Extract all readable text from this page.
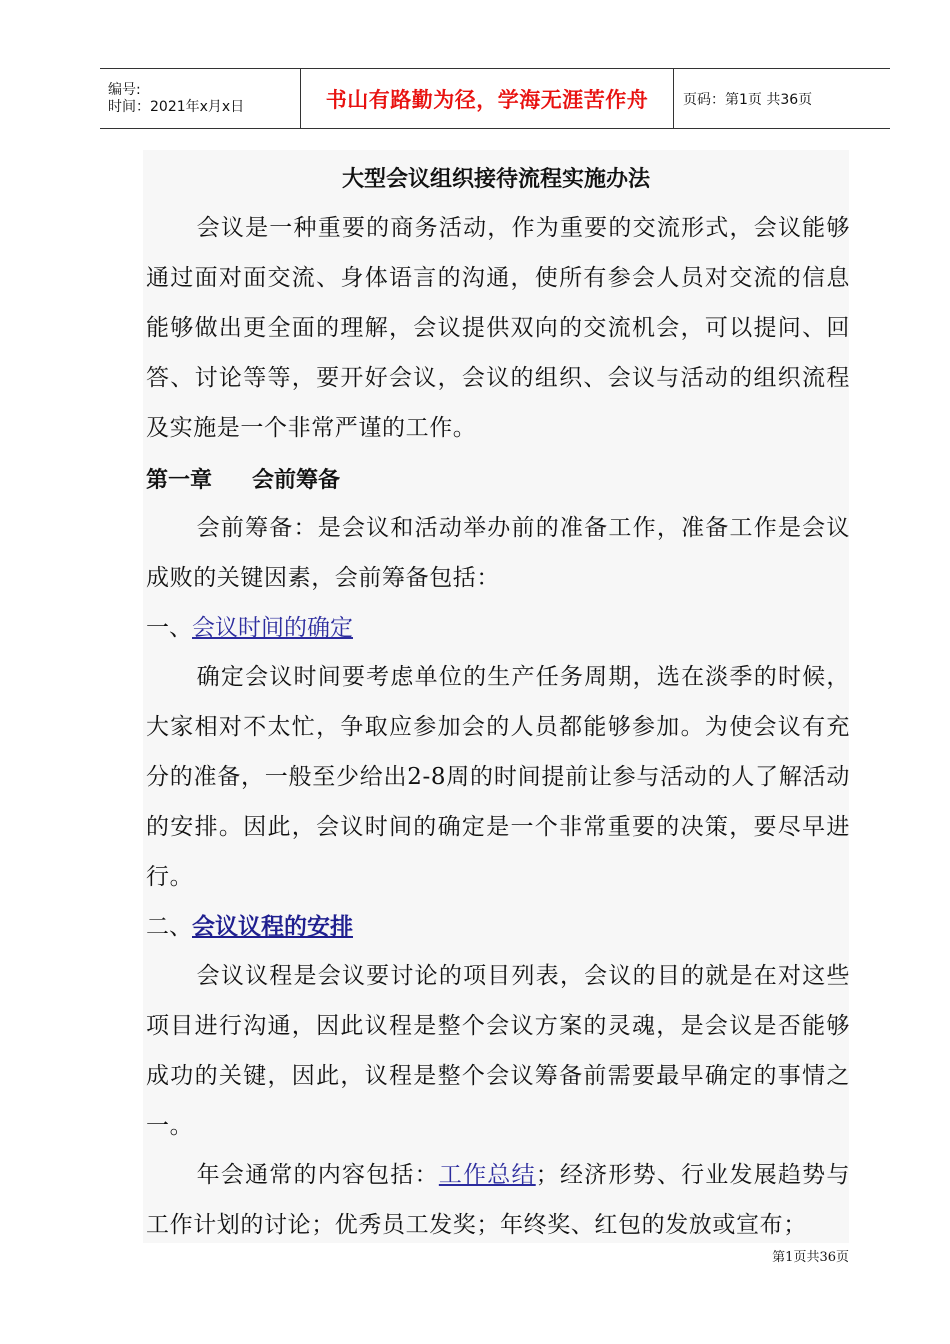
编号:
时间：2021年x月x日	书山有路勤为径，学海无涯苦作舟	页码：第1页 共36页
大型会议组织接待流程实施办法
会议是一种重要的商务活动，作为重要的交流形式，会议能够通过面对面交流、身体语言的沟通，使所有参会人员对交流的信息能够做出更全面的理解，会议提供双向的交流机会，可以提问、回答、讨论等等，要开好会议，会议的组织、会议与活动的组织流程及实施是一个非常严谨的工作。
第一章 会前筹备
会前筹备：是会议和活动举办前的准备工作，准备工作是会议成败的关键因素，会前筹备包括：
一、会议时间的确定
确定会议时间要考虑单位的生产任务周期，选在淡季的时候，大家相对不太忙，争取应参加会的人员都能够参加。为使会议有充分的准备，一般至少给出2-8周的时间提前让参与活动的人了解活动的安排。因此，会议时间的确定是一个非常重要的决策，要尽早进行。
二、会议议程的安排
会议议程是会议要讨论的项目列表，会议的目的就是在对这些项目进行沟通，因此议程是整个会议方案的灵魂，是会议是否能够成功的关键，因此，议程是整个会议筹备前需要最早确定的事情之一。
年会通常的内容包括：工作总结；经济形势、行业发展趋势与工作计划的讨论；优秀员工发奖；年终奖、红包的发放或宣布；
第1页共36页
